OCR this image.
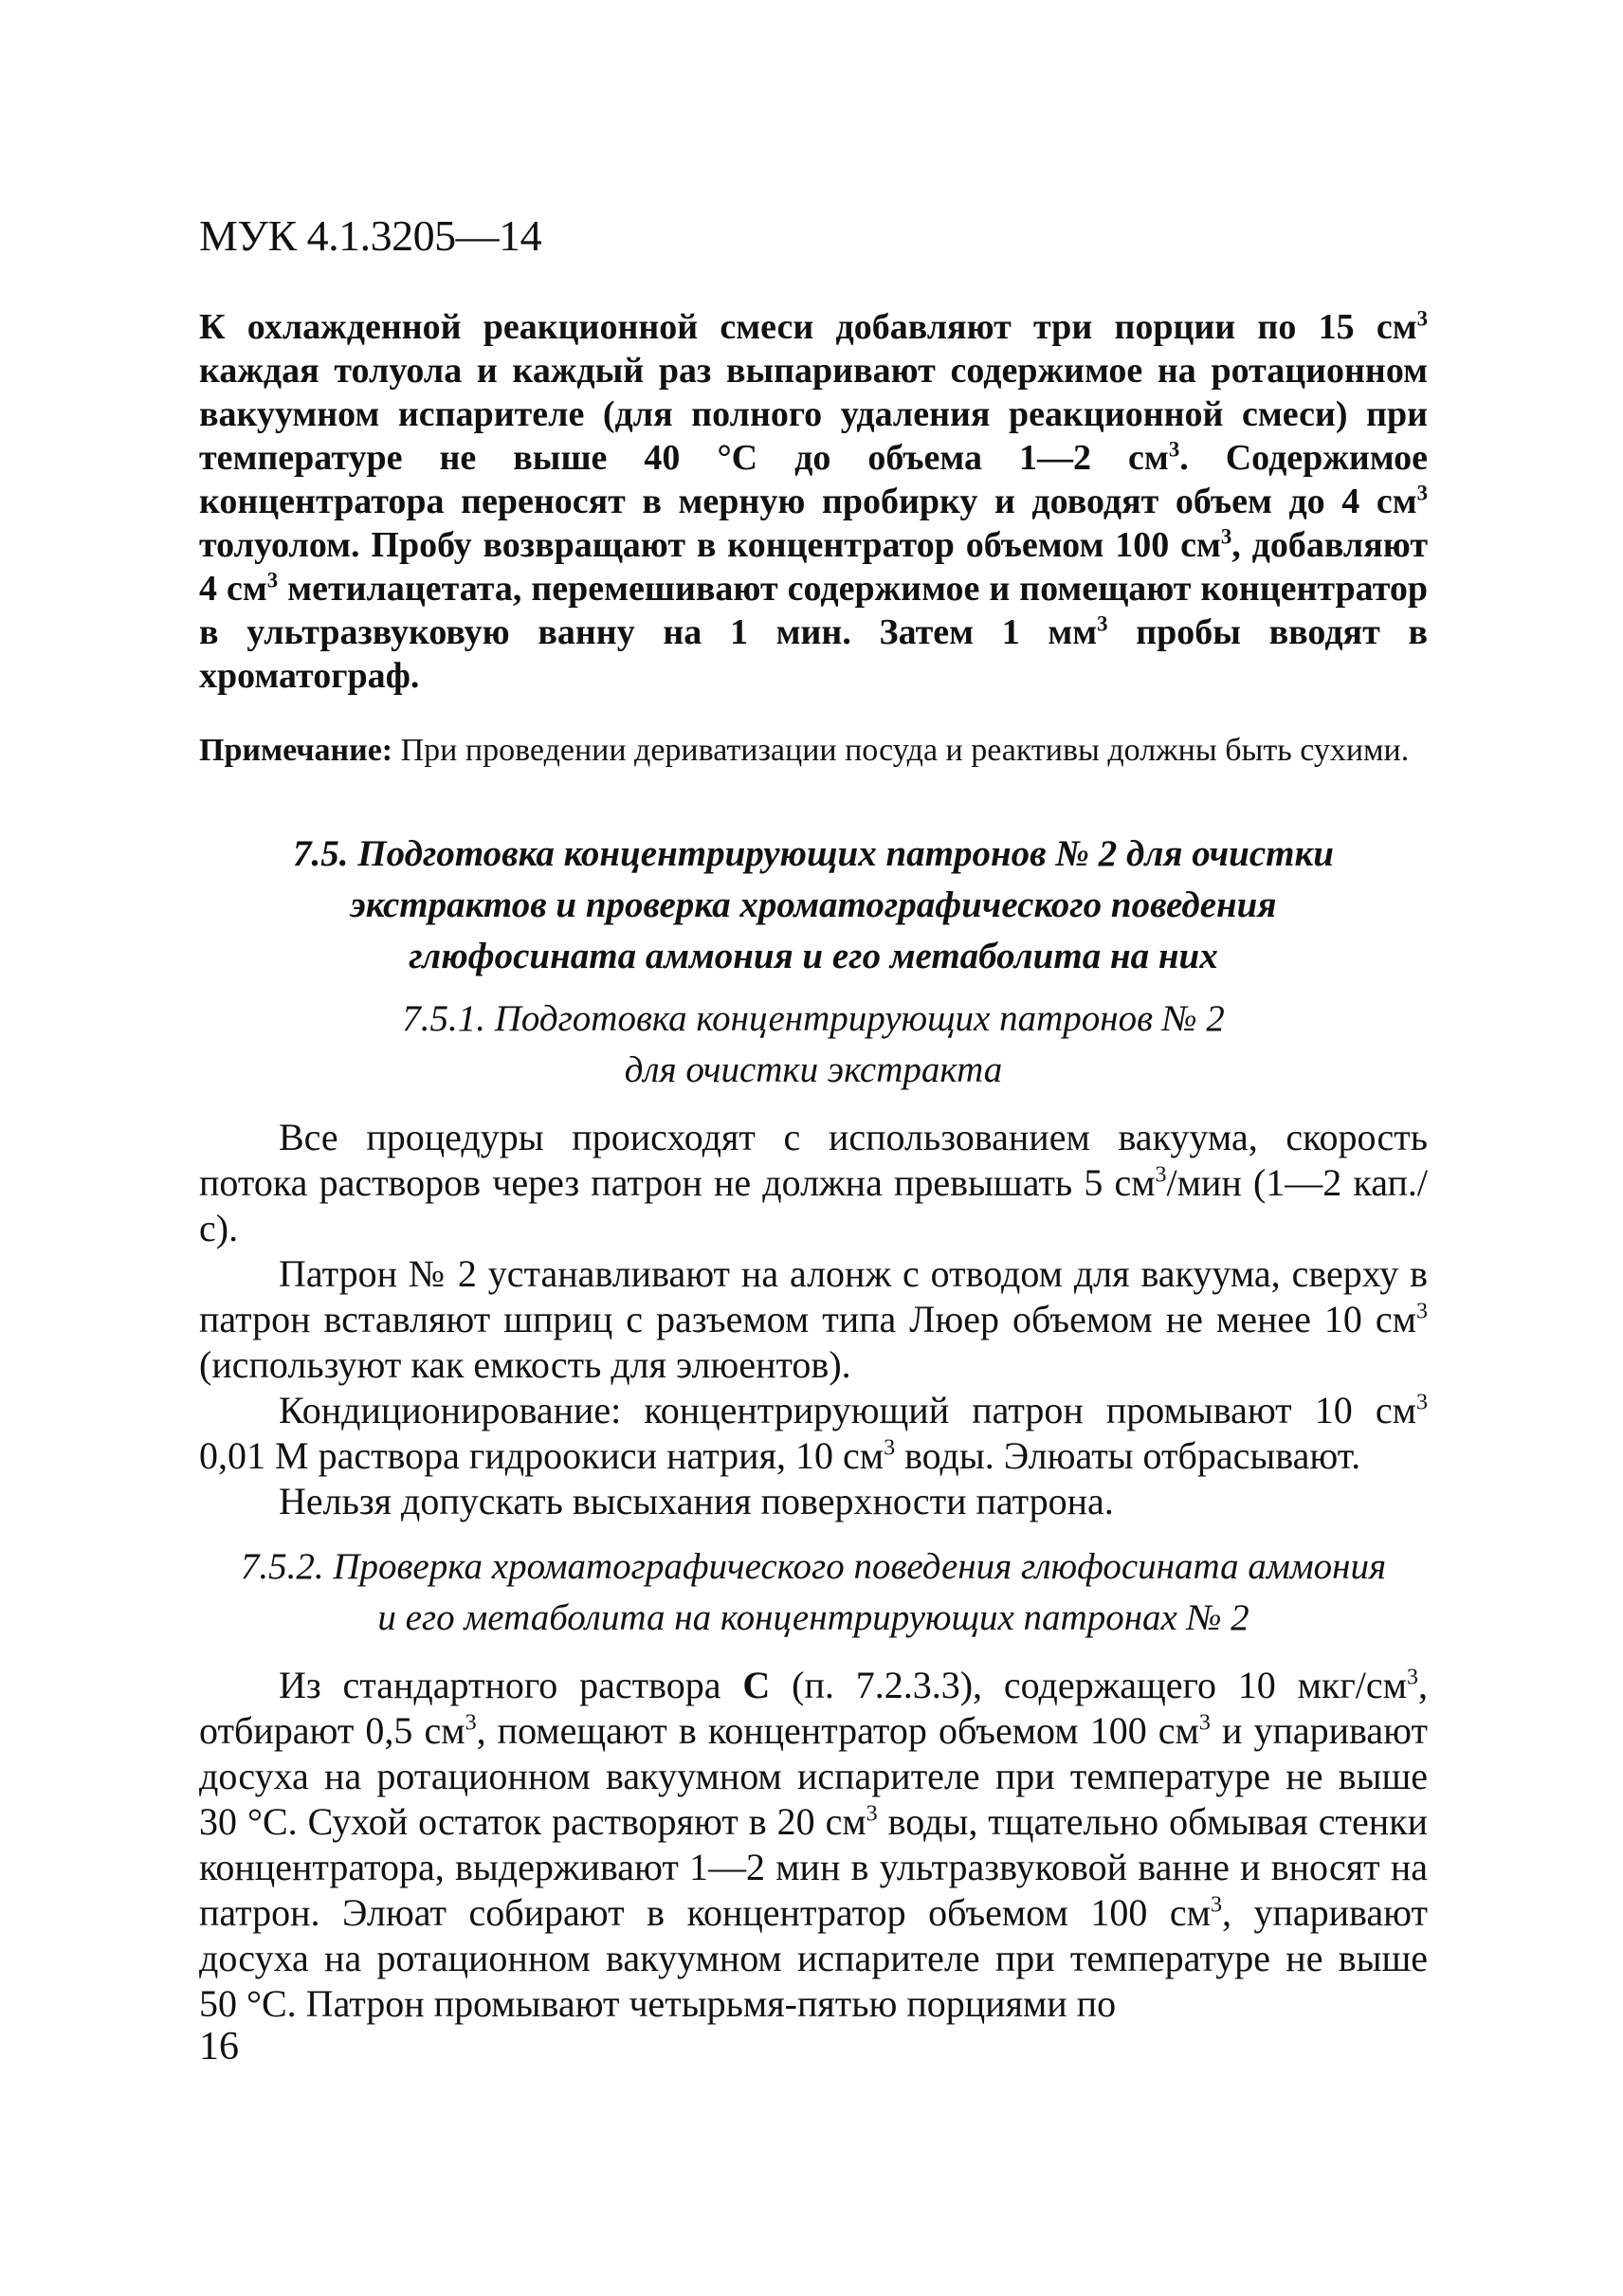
МУК 4.1.3205—14

К охлажденной реакционной смеси добавляют три порции по 15 $см^3$ каждая толуола и каждый раз выпаривают содержимое на ротационном вакуумном испарителе (для полного удаления реакционной смеси) при температуре не выше 40 °С до объема 1—2 $см^3$. Содержимое концентратора переносят в мерную пробирку и доводят объем до 4 $см^3$ толуолом. Пробу возвращают в концентратор объемом 100 $см^3$, добавляют 4 $см^3$ метилацетата, перемешивают содержимое и помещают концентратор в ультразвуковую ванну на 1 мин. Затем 1 $мм^3$ пробы вводят в хроматограф.

Примечание: При проведении дериватизации посуда и реактивы должны быть сухими.

7.5. Подготовка концентрирующих патронов № 2 для очистки
экстрактов и проверка хроматографического поведения
глюфосината аммония и его метаболита на них
7.5.1. Подготовка концентрирующих патронов № 2
для очистки экстракта

Все процедуры происходят с использованием вакуума, скорость потока растворов через патрон не должна превышать 5 $см^3$/мин (1—2 кап./с).

Патрон № 2 устанавливают на алонж с отводом для вакуума, сверху в патрон вставляют шприц с разъемом типа Люер объемом не менее 10 $см^3$ (используют как емкость для элюентов).

Кондиционирование: концентрирующий патрон промывают 10 $см^3$ 0,01 М раствора гидроокиси натрия, 10 $см^3$ воды. Элюаты отбрасывают.

Нельзя допускать высыхания поверхности патрона.

7.5.2. Проверка хроматографического поведения глюфосината аммония
и его метаболита на концентрирующих патронах № 2

Из стандартного раствора С (п. 7.2.3.3), содержащего 10 мкг/$см^3$, отбирают 0,5 $см^3$, помещают в концентратор объемом 100 $см^3$ и упаривают досуха на ротационном вакуумном испарителе при температуре не выше 30 °С. Сухой остаток растворяют в 20 $см^3$ воды, тщательно обмывая стенки концентратора, выдерживают 1—2 мин в ультразвуковой ванне и вносят на патрон. Элюат собирают в концентратор объемом 100 $см^3$, упаривают досуха на ротационном вакуумном испарителе при температуре не выше 50 °С. Патрон промывают четырьмя-пятью порциями по

16
